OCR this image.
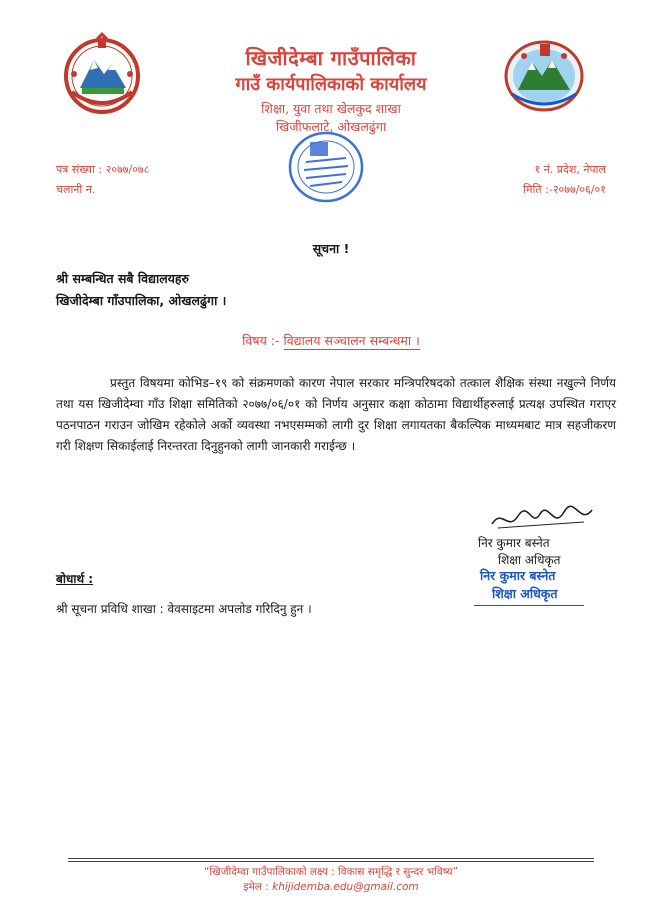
खिजीदेम्बा गाउँपालिका
गाउँ कार्यपालिकाको कार्यालय
शिक्षा, युवा तथा खेलकुद शाखा
खिजीफलाटे, ओखलढुंगा
पत्र संख्या : २०७७/०७८
चलानी न.
१ नं. प्रदेश, नेपाल
मिति :-२०७७/०६/०१
सूचना !
श्री सम्बन्धित सबै विद्यालयहरु
खिजीदेम्बा गाँउपालिका, ओखलढुंगा ।
विषय :- विद्यालय सञ्चालन सम्बन्धमा ।
प्रस्तुत विषयमा कोभिड–१९ को संक्रमणको कारण नेपाल सरकार मन्त्रिपरिषदको तत्काल शैक्षिक संस्था नखुल्ने निर्णय तथा यस खिजीदेम्वा गाँउ शिक्षा समितिको २०७७/०६/०१ को निर्णय अनुसार कक्षा कोठामा विद्यार्थीहरुलाई प्रत्यक्ष उपस्थित गराएर पठनपाठन गराउन जोखिम रहेकोले अर्को व्यवस्था नभएसम्मको लागी दुर शिक्षा लगायतका बैकल्पिक माध्यमबाट मात्र सहजीकरण गरी शिक्षण सिकाईलाई निरन्तरता दिनुहुनको लागी जानकारी गराईन्छ ।
निर कुमार बस्नेत
शिक्षा अधिकृत
निर कुमार बस्नेत
शिक्षा अधिकृत
बोधार्थ :
श्री सूचना प्रविधि शाखा : वेवसाइटमा अपलोड गरिदिनु हुन ।
“खिजीदेम्वा गाउँपालिकाको लक्ष्य : विकास समृद्धि र सुन्दर भविष्य”
इमेल : khijidemba.edu@gmail.com
